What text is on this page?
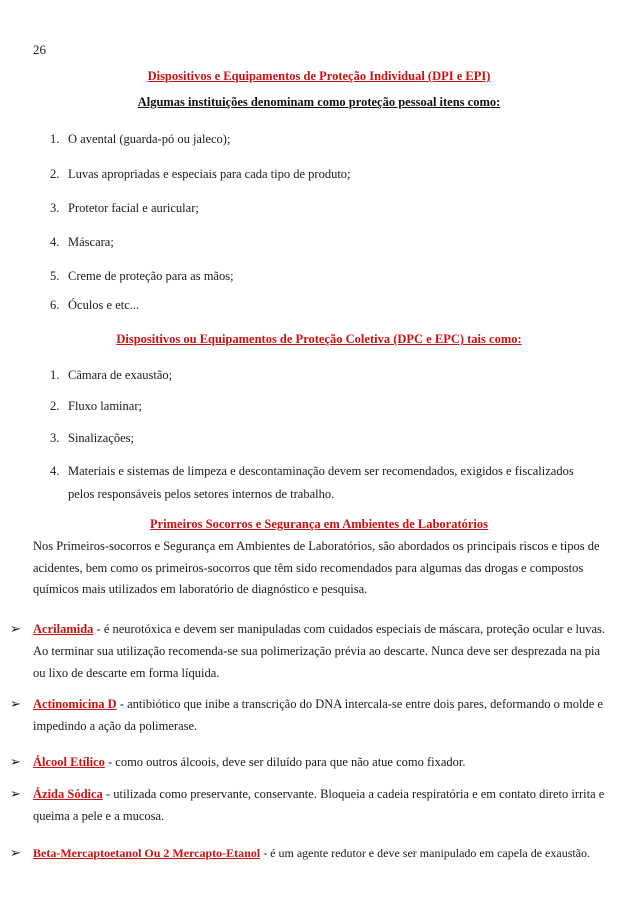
26
Dispositivos e Equipamentos de Proteção Individual (DPI e EPI)
Algumas instituições denominam como proteção pessoal itens como:
1. O avental (guarda-pó ou jaleco);
2. Luvas apropriadas e especiais para cada tipo de produto;
3. Protetor facial e auricular;
4. Máscara;
5. Creme de proteção para as mãos;
6. Óculos e etc...
Dispositivos ou Equipamentos de Proteção Coletiva (DPC e EPC) tais como:
1. Câmara de exaustão;
2. Fluxo laminar;
3. Sinalizações;
4. Materiais e sistemas de limpeza e descontaminação devem ser recomendados, exigidos e fiscalizados
pelos responsáveis pelos setores internos de trabalho.
Primeiros Socorros e Segurança em Ambientes de Laboratórios
Nos Primeiros-socorros e Segurança em Ambientes de Laboratórios, são abordados os principais riscos e tipos de acidentes, bem como os primeiros-socorros que têm sido recomendados para algumas das drogas e compostos químicos mais utilizados em laboratório de diagnóstico e pesquisa.
➢ Acrilamida - é neurotóxica e devem ser manipuladas com cuidados especiais de máscara, proteção ocular e luvas. Ao terminar sua utilização recomenda-se sua polimerização prévia ao descarte. Nunca deve ser desprezada na pia ou lixo de descarte em forma líquida.
➢ Actinomicina D - antibiótico que inibe a transcrição do DNA intercala-se entre dois pares, deformando o molde e impedindo a ação da polimerase.
➢ Álcool Etílico - como outros álcoois, deve ser diluído para que não atue como fixador.
➢ Ázida Sódica - utilizada como preservante, conservante. Bloqueia a cadeia respiratória e em contato direto irrita e queima a pele e a mucosa.
➢ Beta-Mercaptoetanol Ou 2 Mercapto-Etanol - é um agente redutor e deve ser manipulado em capela de exaustão.
